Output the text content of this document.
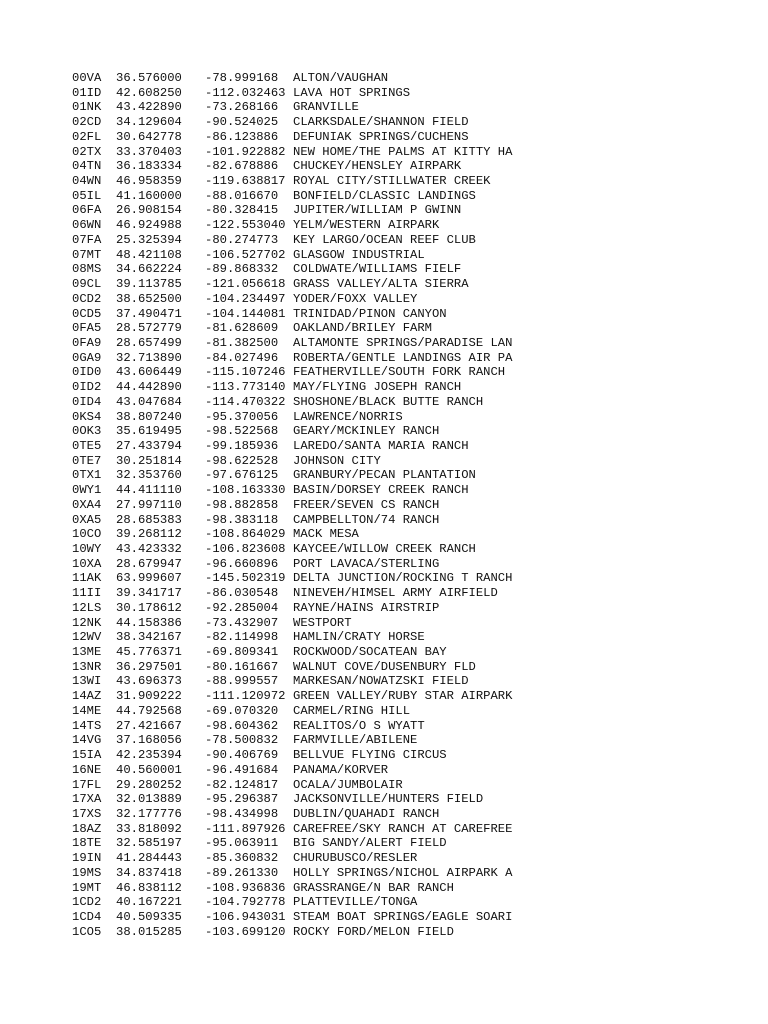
00VA 36.576000 -78.999168 ALTON/VAUGHAN
01ID 42.608250 -112.032463 LAVA HOT SPRINGS
01NK 43.422890 -73.268166 GRANVILLE
02CD 34.129604 -90.524025 CLARKSDALE/SHANNON FIELD
02FL 30.642778 -86.123886 DEFUNIAK SPRINGS/CUCHENS
02TX 33.370403 -101.922882 NEW HOME/THE PALMS AT KITTY HA
04TN 36.183334 -82.678886 CHUCKEY/HENSLEY AIRPARK
04WN 46.958359 -119.638817 ROYAL CITY/STILLWATER CREEK
05IL 41.160000 -88.016670 BONFIELD/CLASSIC LANDINGS
06FA 26.908154 -80.328415 JUPITER/WILLIAM P GWINN
06WN 46.924988 -122.553040 YELM/WESTERN AIRPARK
07FA 25.325394 -80.274773 KEY LARGO/OCEAN REEF CLUB
07MT 48.421108 -106.527702 GLASGOW INDUSTRIAL
08MS 34.662224 -89.868332 COLDWATE/WILLIAMS FIELF
09CL 39.113785 -121.056618 GRASS VALLEY/ALTA SIERRA
0CD2 38.652500 -104.234497 YODER/FOXX VALLEY
0CD5 37.490471 -104.144081 TRINIDAD/PINON CANYON
0FA5 28.572779 -81.628609 OAKLAND/BRILEY FARM
0FA9 28.657499 -81.382500 ALTAMONTE SPRINGS/PARADISE LAN
0GA9 32.713890 -84.027496 ROBERTA/GENTLE LANDINGS AIR PA
0ID0 43.606449 -115.107246 FEATHERVILLE/SOUTH FORK RANCH
0ID2 44.442890 -113.773140 MAY/FLYING JOSEPH RANCH
0ID4 43.047684 -114.470322 SHOSHONE/BLACK BUTTE RANCH
0KS4 38.807240 -95.370056 LAWRENCE/NORRIS
0OK3 35.619495 -98.522568 GEARY/MCKINLEY RANCH
0TE5 27.433794 -99.185936 LAREDO/SANTA MARIA RANCH
0TE7 30.251814 -98.622528 JOHNSON CITY
0TX1 32.353760 -97.676125 GRANBURY/PECAN PLANTATION
0WY1 44.411110 -108.163330 BASIN/DORSEY CREEK RANCH
0XA4 27.997110 -98.882858 FREER/SEVEN CS RANCH
0XA5 28.685383 -98.383118 CAMPBELLTON/74 RANCH
10CO 39.268112 -108.864029 MACK MESA
10WY 43.423332 -106.823608 KAYCEE/WILLOW CREEK RANCH
10XA 28.679947 -96.660896 PORT LAVACA/STERLING
11AK 63.999607 -145.502319 DELTA JUNCTION/ROCKING T RANCH
11II 39.341717 -86.030548 NINEVEH/HIMSEL ARMY AIRFIELD
12LS 30.178612 -92.285004 RAYNE/HAINS AIRSTRIP
12NK 44.158386 -73.432907 WESTPORT
12WV 38.342167 -82.114998 HAMLIN/CRATY HORSE
13ME 45.776371 -69.809341 ROCKWOOD/SOCATEAN BAY
13NR 36.297501 -80.161667 WALNUT COVE/DUSENBURY FLD
13WI 43.696373 -88.999557 MARKESAN/NOWATZSKI FIELD
14AZ 31.909222 -111.120972 GREEN VALLEY/RUBY STAR AIRPARK
14ME 44.792568 -69.070320 CARMEL/RING HILL
14TS 27.421667 -98.604362 REALITOS/O S WYATT
14VG 37.168056 -78.500832 FARMVILLE/ABILENE
15IA 42.235394 -90.406769 BELLVUE FLYING CIRCUS
16NE 40.560001 -96.491684 PANAMA/KORVER
17FL 29.280252 -82.124817 OCALA/JUMBOLAIR
17XA 32.013889 -95.296387 JACKSONVILLE/HUNTERS FIELD
17XS 32.177776 -98.434998 DUBLIN/QUAHADI RANCH
18AZ 33.818092 -111.897926 CAREFREE/SKY RANCH AT CAREFREE
18TE 32.585197 -95.063911 BIG SANDY/ALERT FIELD
19IN 41.284443 -85.360832 CHURUBUSCO/RESLER
19MS 34.837418 -89.261330 HOLLY SPRINGS/NICHOL AIRPARK A
19MT 46.838112 -108.936836 GRASSRANGE/N BAR RANCH
1CD2 40.167221 -104.792778 PLATTEVILLE/TONGA
1CD4 40.509335 -106.943031 STEAM BOAT SPRINGS/EAGLE SOARI
1CO5 38.015285 -103.699120 ROCKY FORD/MELON FIELD
